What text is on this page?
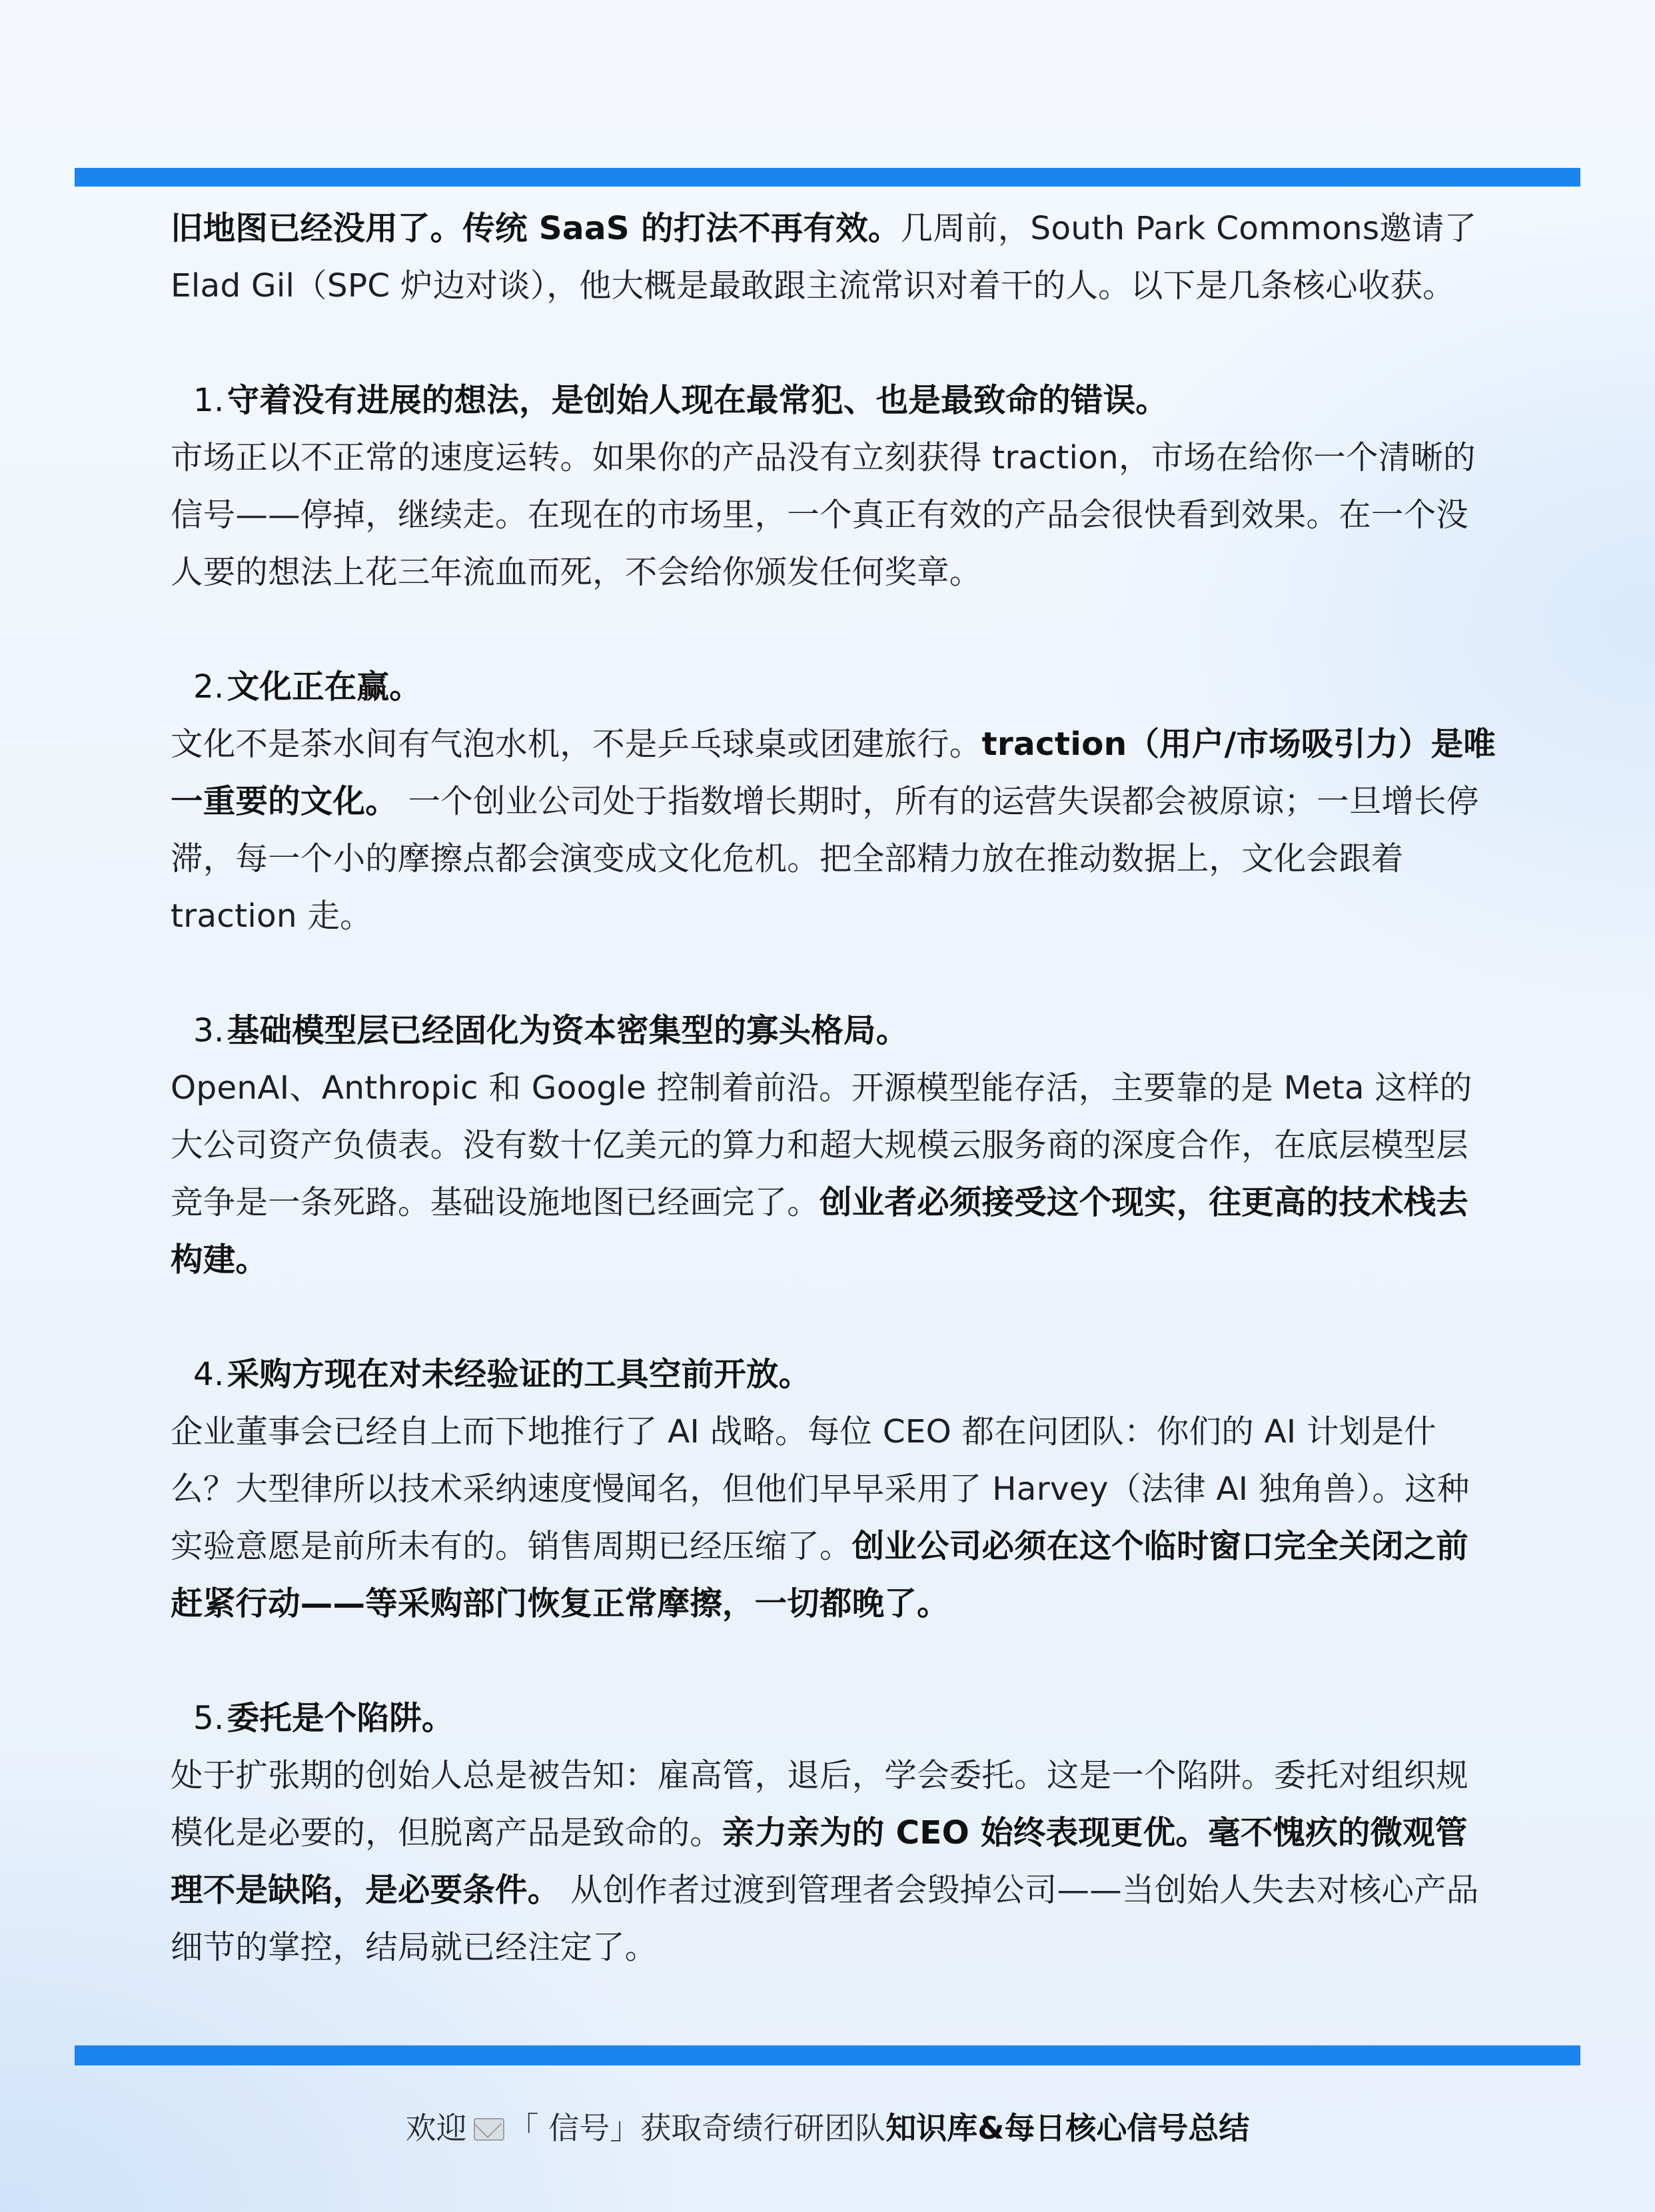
旧地图已经没用了。传统 SaaS 的打法不再有效。几周前，South Park Commons邀请了 Elad Gil（SPC 炉边对谈），他大概是最敢跟主流常识对着干的人。以下是几条核心收获。

1.守着没有进展的想法，是创始人现在最常犯、也是最致命的错误。

市场正以不正常的速度运转。如果你的产品没有立刻获得 traction，市场在给你一个清晰的信号——停掉，继续走。在现在的市场里，一个真正有效的产品会很快看到效果。在一个没人要的想法上花三年流血而死，不会给你颁发任何奖章。

2.文化正在赢。

文化不是茶水间有气泡水机，不是乒乓球桌或团建旅行。traction（用户/市场吸引力）是唯一重要的文化。 一个创业公司处于指数增长期时，所有的运营失误都会被原谅；一旦增长停滞，每一个小的摩擦点都会演变成文化危机。把全部精力放在推动数据上，文化会跟着 traction 走。

3.基础模型层已经固化为资本密集型的寡头格局。

OpenAI、Anthropic 和 Google 控制着前沿。开源模型能存活，主要靠的是 Meta 这样的大公司资产负债表。没有数十亿美元的算力和超大规模云服务商的深度合作，在底层模型层竞争是一条死路。基础设施地图已经画完了。创业者必须接受这个现实，往更高的技术栈去构建。

4.采购方现在对未经验证的工具空前开放。

企业董事会已经自上而下地推行了 AI 战略。每位 CEO 都在问团队：你们的 AI 计划是什么？大型律所以技术采纳速度慢闻名，但他们早早采用了 Harvey（法律 AI 独角兽）。这种实验意愿是前所未有的。销售周期已经压缩了。创业公司必须在这个临时窗口完全关闭之前赶紧行动——等采购部门恢复正常摩擦，一切都晚了。

5.委托是个陷阱。

处于扩张期的创始人总是被告知：雇高管，退后，学会委托。这是一个陷阱。委托对组织规模化是必要的，但脱离产品是致命的。亲力亲为的 CEO 始终表现更优。毫不愧疚的微观管理不是缺陷，是必要条件。 从创作者过渡到管理者会毁掉公司——当创始人失去对核心产品细节的掌控，结局就已经注定了。

欢迎 「 信号」获取奇绩行研团队知识库&每日核心信号总结
